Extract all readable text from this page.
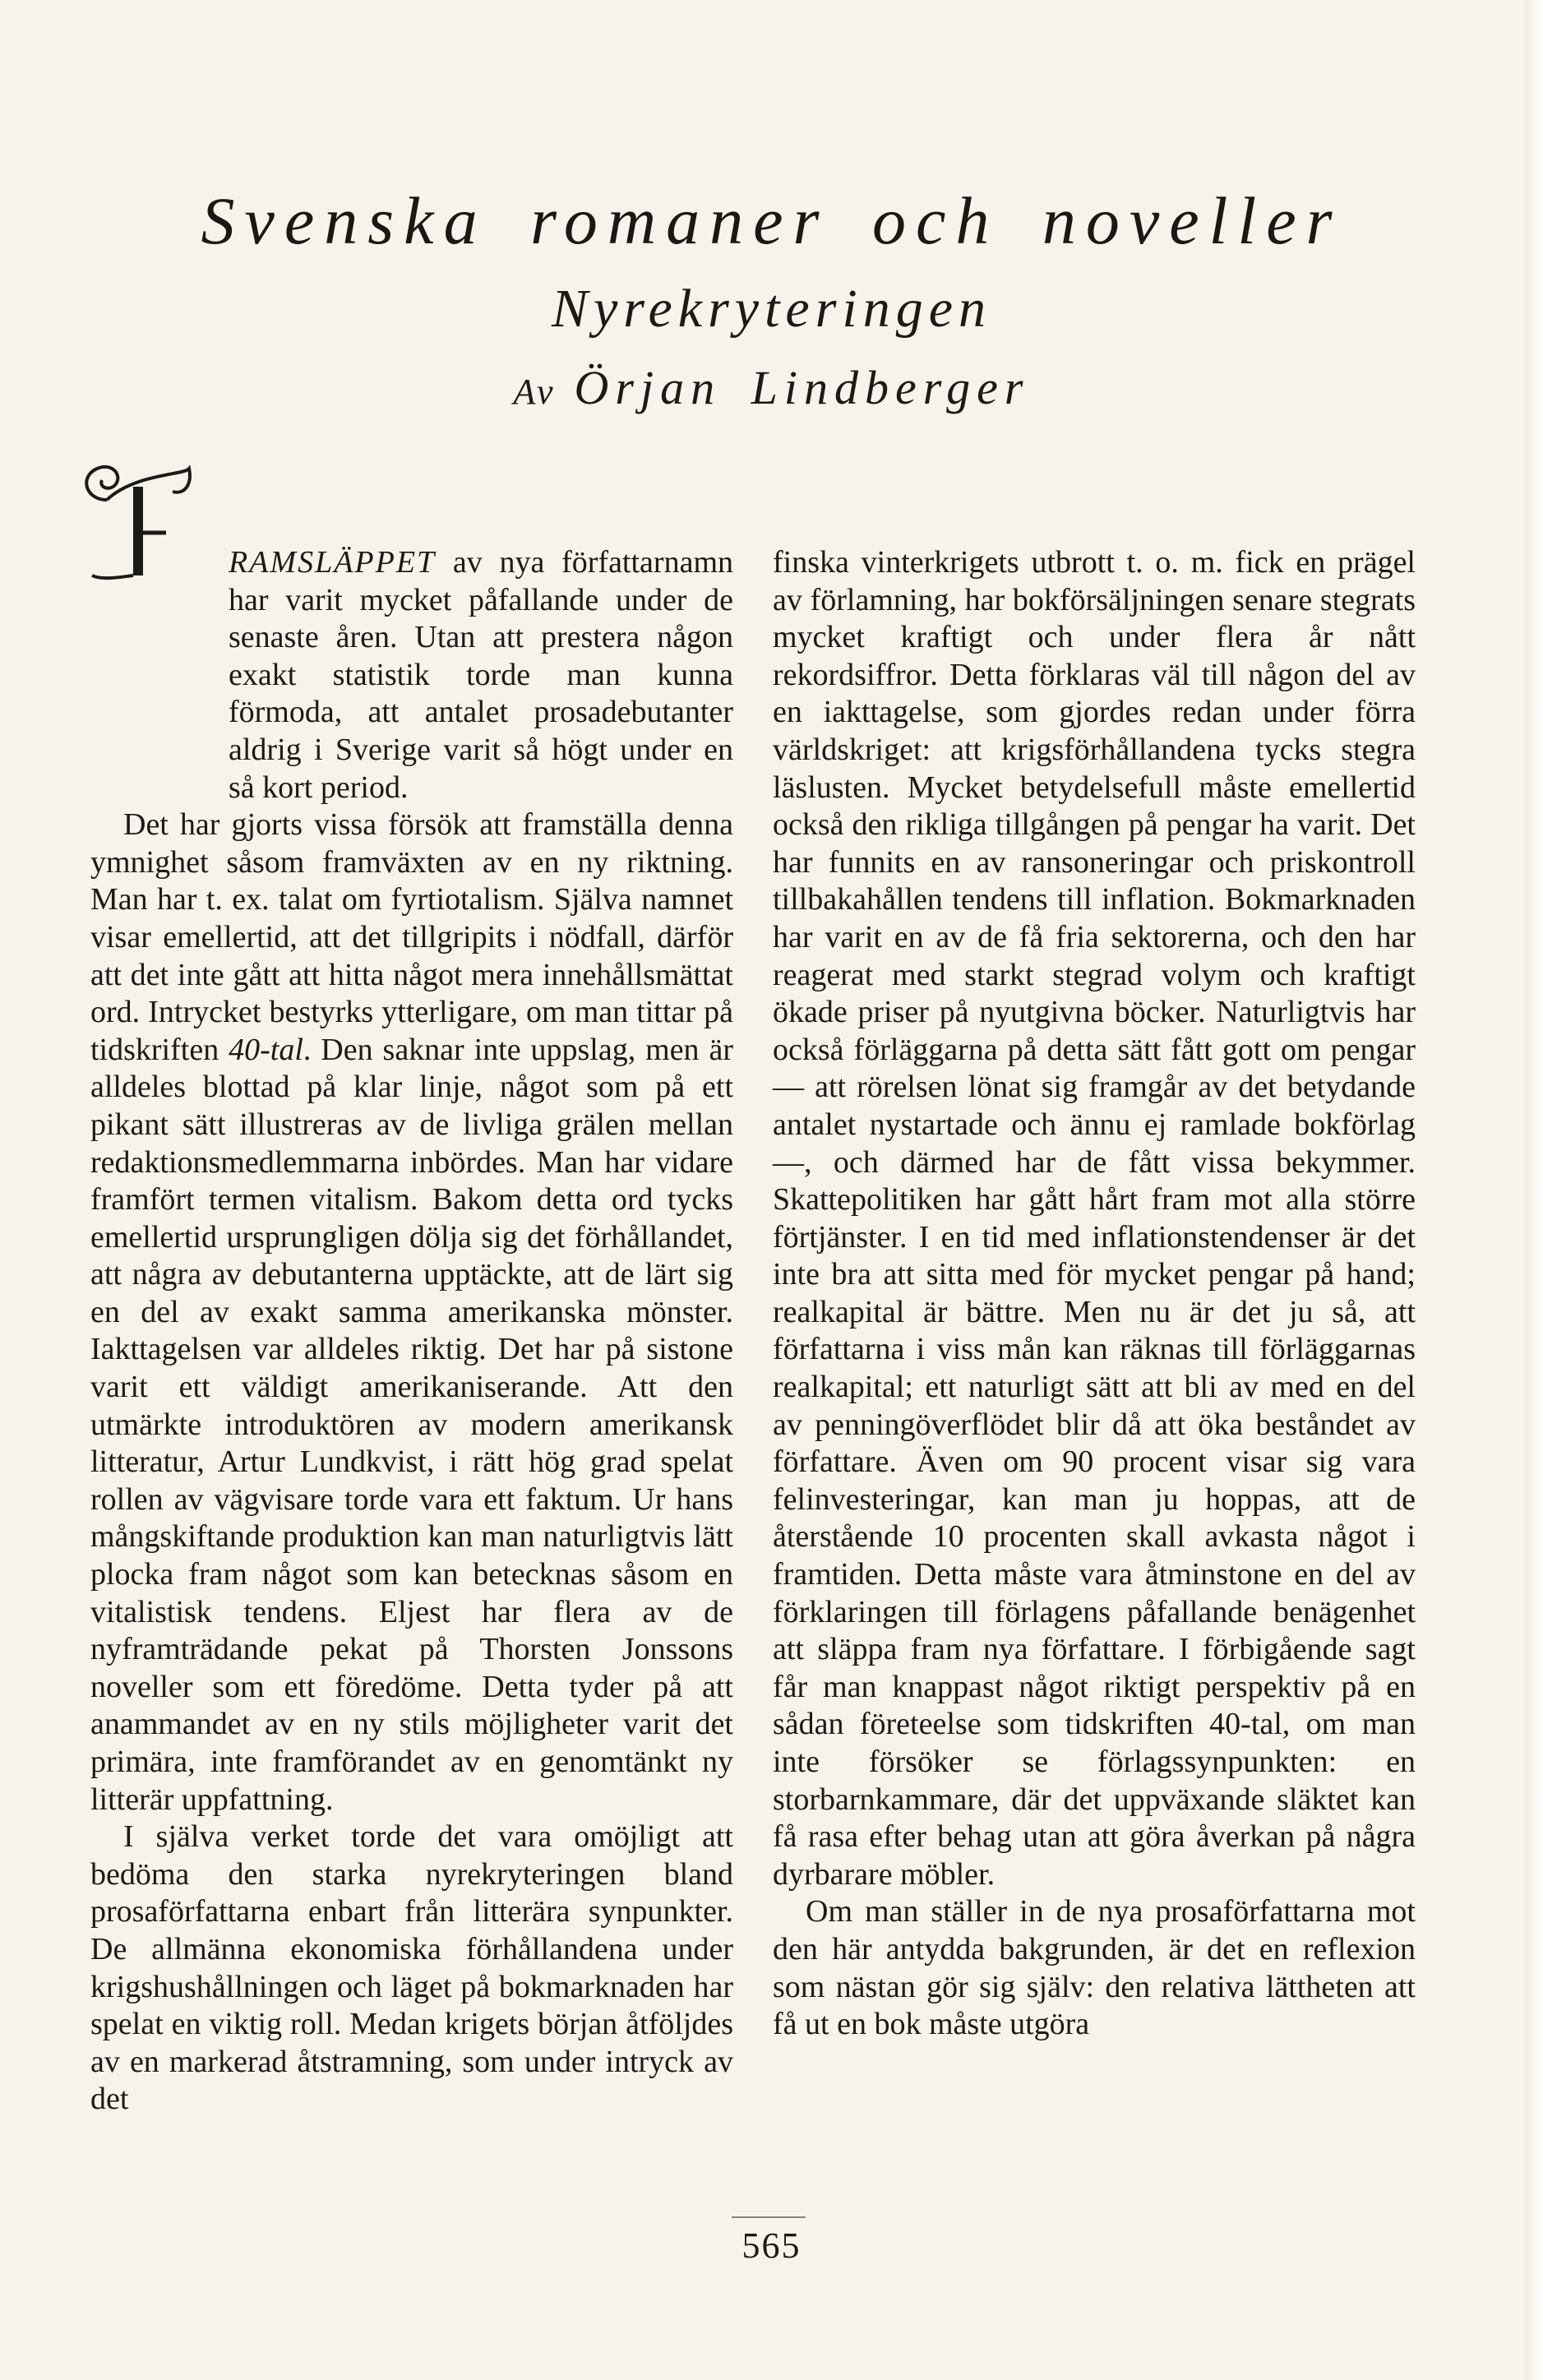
Svenska romaner och noveller
Nyrekryteringen
Av Örjan Lindberger

RAMSLÄPPET av nya författarnamn har varit mycket påfallande under de senaste åren. Utan att prestera någon exakt statistik torde man kunna förmoda, att antalet prosadebutanter aldrig i Sverige varit så högt under en så kort period.

Det har gjorts vissa försök att framställa denna ymnighet såsom framväxten av en ny riktning. Man har t. ex. talat om fyrtiotalism. Själva namnet visar emellertid, att det tillgripits i nödfall, därför att det inte gått att hitta något mera innehållsmättat ord. Intrycket bestyrks ytterligare, om man tittar på tidskriften 40-tal. Den saknar inte uppslag, men är alldeles blottad på klar linje, något som på ett pikant sätt illustreras av de livliga grälen mellan redaktionsmedlemmarna inbördes. Man har vidare framfört termen vitalism. Bakom detta ord tycks emellertid ursprungligen dölja sig det förhållandet, att några av debutanterna upptäckte, att de lärt sig en del av exakt samma amerikanska mönster. Iakttagelsen var alldeles riktig. Det har på sistone varit ett väldigt amerikaniserande. Att den utmärkte introduktören av modern amerikansk litteratur, Artur Lundkvist, i rätt hög grad spelat rollen av vägvisare torde vara ett faktum. Ur hans mångskiftande produktion kan man naturligtvis lätt plocka fram något som kan betecknas såsom en vitalistisk tendens. Eljest har flera av de nyframträdande pekat på Thorsten Jonssons noveller som ett föredöme. Detta tyder på att anammandet av en ny stils möjligheter varit det primära, inte framförandet av en genomtänkt ny litterär uppfattning.

I själva verket torde det vara omöjligt att bedöma den starka nyrekryteringen bland prosaförfattarna enbart från litterära synpunkter. De allmänna ekonomiska förhållandena under krigshushållningen och läget på bokmarknaden har spelat en viktig roll. Medan krigets början åtföljdes av en markerad åtstramning, som under intryck av det

finska vinterkrigets utbrott t. o. m. fick en prägel av förlamning, har bokförsäljningen senare stegrats mycket kraftigt och under flera år nått rekordsiffror. Detta förklaras väl till någon del av en iakttagelse, som gjordes redan under förra världskriget: att krigsförhållandena tycks stegra läslusten. Mycket betydelsefull måste emellertid också den rikliga tillgången på pengar ha varit. Det har funnits en av ransoneringar och priskontroll tillbakahållen tendens till inflation. Bokmarknaden har varit en av de få fria sektorerna, och den har reagerat med starkt stegrad volym och kraftigt ökade priser på nyutgivna böcker. Naturligtvis har också förläggarna på detta sätt fått gott om pengar — att rörelsen lönat sig framgår av det betydande antalet nystartade och ännu ej ramlade bokförlag —, och därmed har de fått vissa bekymmer. Skattepolitiken har gått hårt fram mot alla större förtjänster. I en tid med inflationstendenser är det inte bra att sitta med för mycket pengar på hand; realkapital är bättre. Men nu är det ju så, att författarna i viss mån kan räknas till förläggarnas realkapital; ett naturligt sätt att bli av med en del av penningöverflödet blir då att öka beståndet av författare. Även om 90 procent visar sig vara felinvesteringar, kan man ju hoppas, att de återstående 10 procenten skall avkasta något i framtiden. Detta måste vara åtminstone en del av förklaringen till förlagens påfallande benägenhet att släppa fram nya författare. I förbigående sagt får man knappast något riktigt perspektiv på en sådan företeelse som tidskriften 40-tal, om man inte försöker se förlagssynpunkten: en storbarnkammare, där det uppväxande släktet kan få rasa efter behag utan att göra åverkan på några dyrbarare möbler.

Om man ställer in de nya prosaförfattarna mot den här antydda bakgrunden, är det en reflexion som nästan gör sig själv: den relativa lättheten att få ut en bok måste utgöra

565
